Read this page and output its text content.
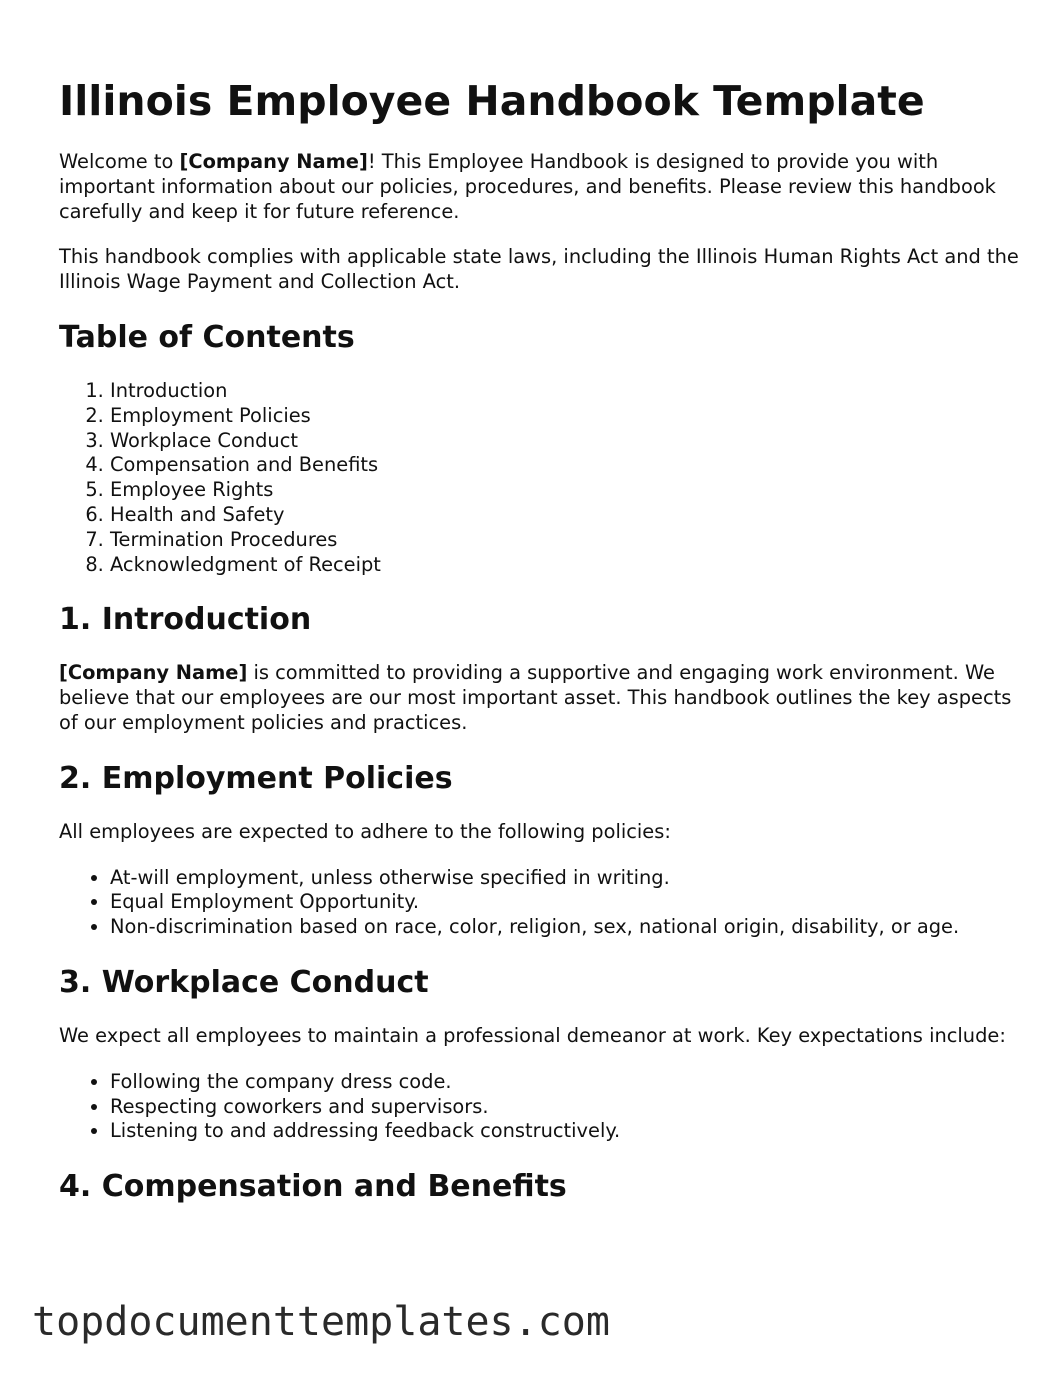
Illinois Employee Handbook Template

Welcome to [Company Name]! This Employee Handbook is designed to provide you with important information about our policies, procedures, and benefits. Please review this handbook carefully and keep it for future reference.

This handbook complies with applicable state laws, including the Illinois Human Rights Act and the Illinois Wage Payment and Collection Act.

Table of Contents
1. Introduction
2. Employment Policies
3. Workplace Conduct
4. Compensation and Benefits
5. Employee Rights
6. Health and Safety
7. Termination Procedures
8. Acknowledgment of Receipt
1. Introduction

[Company Name] is committed to providing a supportive and engaging work environment. We believe that our employees are our most important asset. This handbook outlines the key aspects of our employment policies and practices.

2. Employment Policies

All employees are expected to adhere to the following policies:

• At-will employment, unless otherwise specified in writing.
• Equal Employment Opportunity.
• Non-discrimination based on race, color, religion, sex, national origin, disability, or age.
3. Workplace Conduct

We expect all employees to maintain a professional demeanor at work. Key expectations include:

• Following the company dress code.
• Respecting coworkers and supervisors.
• Listening to and addressing feedback constructively.
4. Compensation and Benefits
topdocumenttemplates.com
